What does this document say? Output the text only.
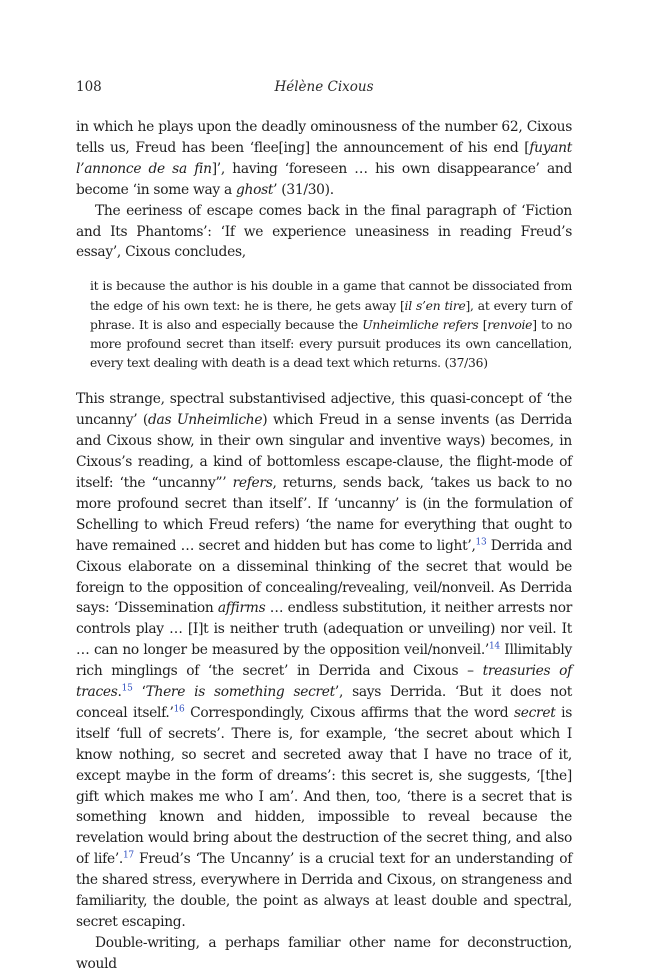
108	Hélène Cixous

in which he plays upon the deadly ominousness of the number 62, Cixous tells us, Freud has been ‘flee[ing] the announcement of his end [fuyant l’annonce de sa fin]’, having ‘foreseen … his own disappearance’ and become ‘in some way a ghost’ (31/30).

The eeriness of escape comes back in the final paragraph of ‘Fiction and Its Phantoms’: ‘If we experience uneasiness in reading Freud’s essay’, Cixous concludes,

it is because the author is his double in a game that cannot be dissociated from the edge of his own text: he is there, he gets away [il s’en tire], at every turn of phrase. It is also and especially because the Unheimliche refers [renvoie] to no more profound secret than itself: every pursuit produces its own cancellation, every text dealing with death is a dead text which returns. (37/36)

This strange, spectral substantivised adjective, this quasi-concept of ‘the uncanny’ (das Unheimliche) which Freud in a sense invents (as Derrida and Cixous show, in their own singular and inventive ways) becomes, in Cixous’s reading, a kind of bottomless escape-clause, the flight-mode of itself: ‘the “uncanny”’ refers, returns, sends back, ‘takes us back to no more profound secret than itself’. If ‘uncanny’ is (in the formulation of Schelling to which Freud refers) ‘the name for everything that ought to have remained … secret and hidden but has come to light’,$^{13}$ Derrida and Cixous elaborate on a disseminal thinking of the secret that would be foreign to the opposition of concealing/revealing, veil/nonveil. As Derrida says: ‘Dissemination affirms … endless substitution, it neither arrests nor controls play … [I]t is neither truth (adequation or unveiling) nor veil. It … can no longer be measured by the opposition veil/nonveil.’$^{14}$ Illimitably rich minglings of ‘the secret’ in Derrida and Cixous – treasuries of traces.$^{15}$ ‘There is something secret’, says Derrida. ‘But it does not conceal itself.’$^{16}$ Correspondingly, Cixous affirms that the word secret is itself ‘full of secrets’. There is, for example, ‘the secret about which I know nothing, so secret and secreted away that I have no trace of it, except maybe in the form of dreams’: this secret is, she suggests, ‘[the] gift which makes me who I am’. And then, too, ‘there is a secret that is something known and hidden, impossible to reveal because the revelation would bring about the destruction of the secret thing, and also of life’.$^{17}$ Freud’s ‘The Uncanny’ is a crucial text for an understanding of the shared stress, everywhere in Derrida and Cixous, on strangeness and familiarity, the double, the point as always at least double and spectral, secret escaping.

Double-writing, a perhaps familiar other name for deconstruction, would
